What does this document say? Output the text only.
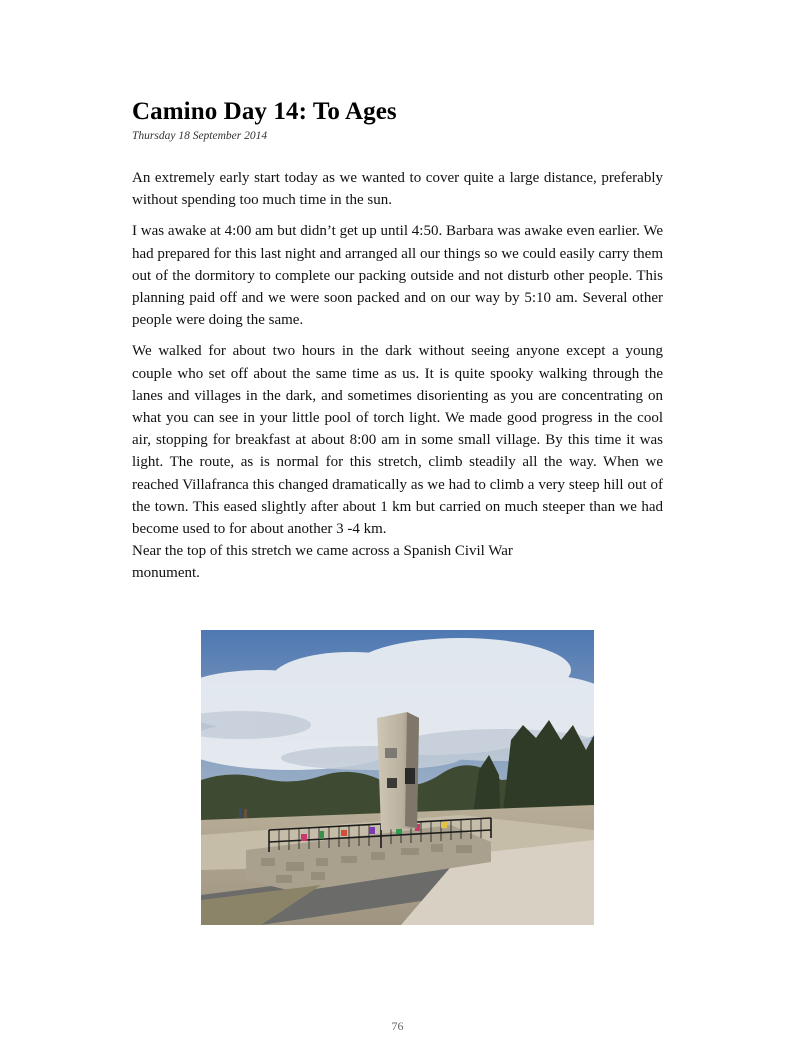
Camino Day 14: To Ages
Thursday 18 September 2014

An extremely early start today as we wanted to cover quite a large distance, preferably without spending too much time in the sun.

I was awake at 4:00 am but didn’t get up until 4:50. Barbara was awake even earlier. We had prepared for this last night and arranged all our things so we could easily carry them out of the dormitory to complete our packing outside and not disturb other people. This planning paid off and we were soon packed and on our way by 5:10 am. Several other people were doing the same.

We walked for about two hours in the dark without seeing anyone except a young couple who set off about the same time as us. It is quite spooky walking through the lanes and villages in the dark, and sometimes disorienting as you are concentrating on what you can see in your little pool of torch light. We made good progress in the cool air, stopping for breakfast at about 8:00 am in some small village. By this time it was light. The route, as is normal for this stretch, climb steadily all the way. When we reached Villafranca this changed dramatically as we had to climb a very steep hill out of the town. This eased slightly after about 1 km but carried on much steeper than we had become used to for about another 3 -4 km.

Near the top of this stretch we came across a Spanish Civil War monument.

76
